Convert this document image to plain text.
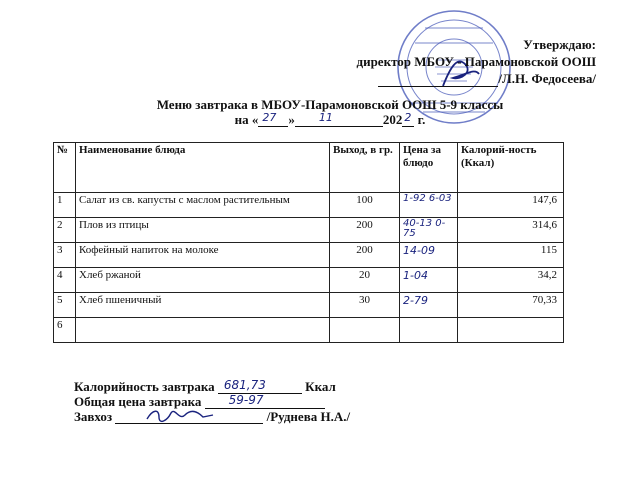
Утверждаю:
директор МБОУ - Парамоновской ООШ
/Л.Н. Федосеева/
Меню завтрака в МБОУ-Парамоновской ООШ 5-9 классы
на « 27 » 11	202 2 г.
№	Наименование блюда	Выход, в гр.	Цена за блюдо	Калорий-ность (Ккал)
1	Салат из св. капусты с маслом растительным	100	1-92 6-03	147,6
2	Плов из птицы	200	40-13 0-75	314,6
3	Кофейный напиток на молоке	200	14-09	115
4	Хлеб ржаной	20	1-04	34,2
5	Хлеб пшеничный	30	2-79	70,33
6				
Калорийность завтрака 681,73	Ккал
Общая цена завтрака 59-97
Завхоз	/Руднева Н.А./
